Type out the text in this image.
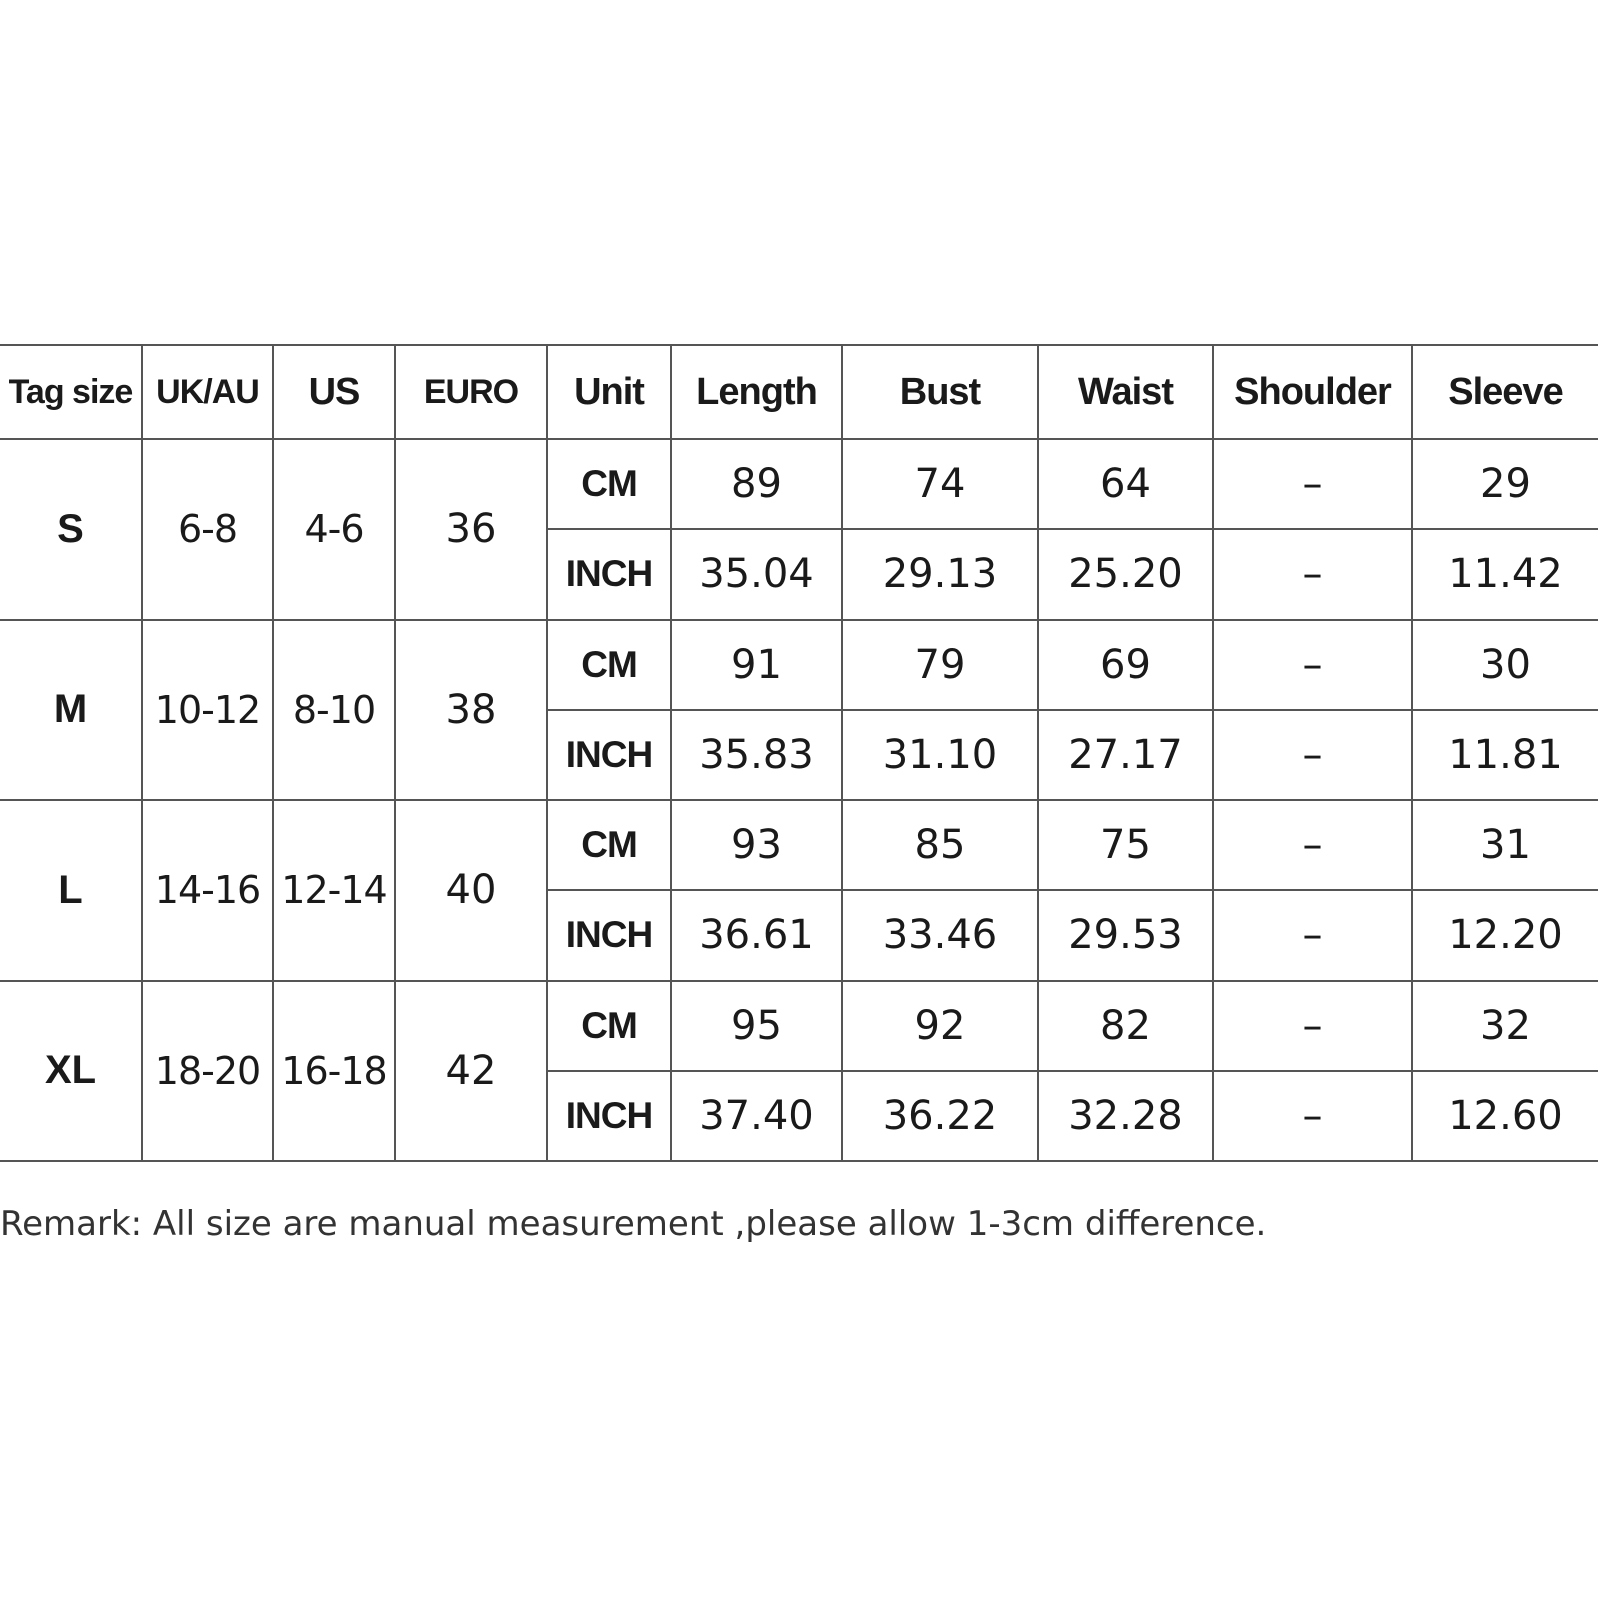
Tag size	UK/AU	US	EURO	Unit	Length	Bust	Waist	Shoulder	Sleeve
S	6-8	4-6	36	CM	89	74	64	–	29
				INCH	35.04	29.13	25.20	–	11.42
M	10-12	8-10	38	CM	91	79	69	–	30
				INCH	35.83	31.10	27.17	–	11.81
L	14-16	12-14	40	CM	93	85	75	–	31
				INCH	36.61	33.46	29.53	–	12.20
XL	18-20	16-18	42	CM	95	92	82	–	32
				INCH	37.40	36.22	32.28	–	12.60
Remark: All size are manual measurement ,please allow 1-3cm difference.
